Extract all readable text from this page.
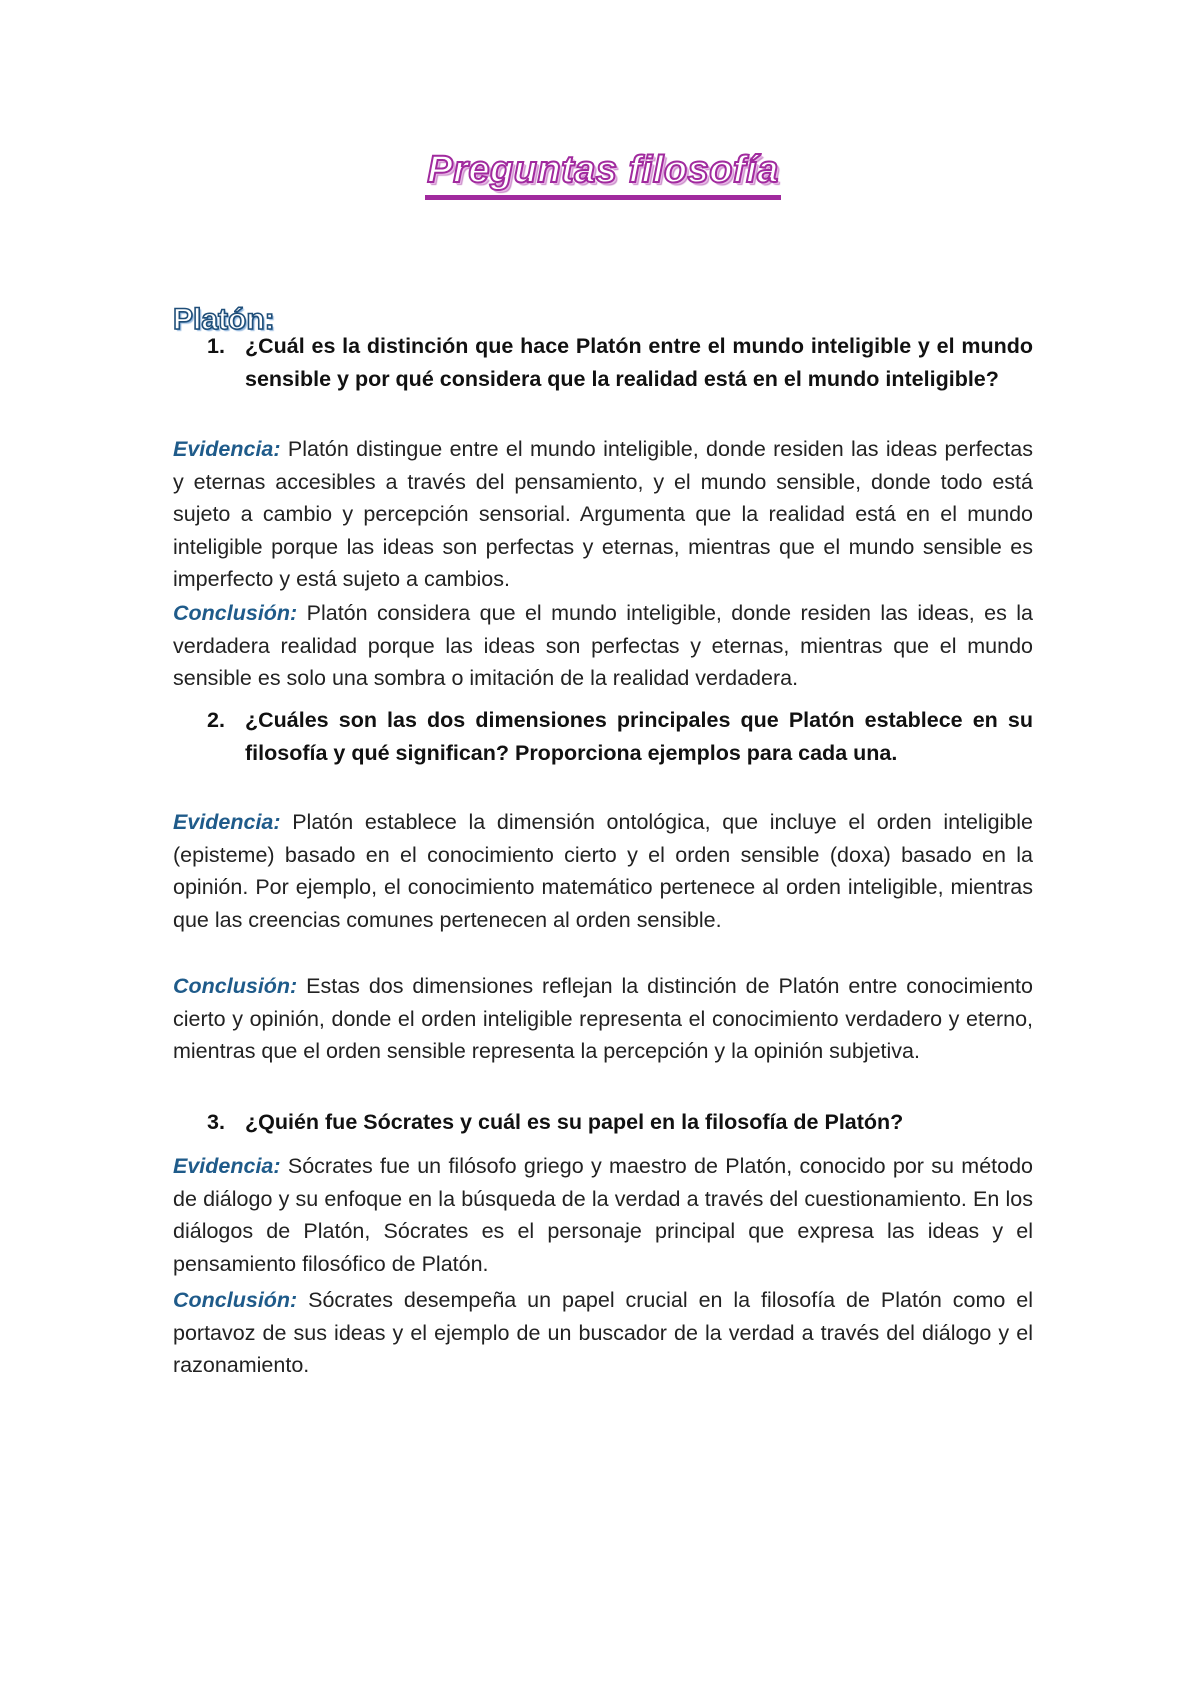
Preguntas filosofía
Platón:
1. ¿Cuál es la distinción que hace Platón entre el mundo inteligible y el mundo sensible y por qué considera que la realidad está en el mundo inteligible?
Evidencia: Platón distingue entre el mundo inteligible, donde residen las ideas perfectas y eternas accesibles a través del pensamiento, y el mundo sensible, donde todo está sujeto a cambio y percepción sensorial. Argumenta que la realidad está en el mundo inteligible porque las ideas son perfectas y eternas, mientras que el mundo sensible es imperfecto y está sujeto a cambios.
Conclusión: Platón considera que el mundo inteligible, donde residen las ideas, es la verdadera realidad porque las ideas son perfectas y eternas, mientras que el mundo sensible es solo una sombra o imitación de la realidad verdadera.
2. ¿Cuáles son las dos dimensiones principales que Platón establece en su filosofía y qué significan? Proporciona ejemplos para cada una.
Evidencia: Platón establece la dimensión ontológica, que incluye el orden inteligible (episteme) basado en el conocimiento cierto y el orden sensible (doxa) basado en la opinión. Por ejemplo, el conocimiento matemático pertenece al orden inteligible, mientras que las creencias comunes pertenecen al orden sensible.
Conclusión: Estas dos dimensiones reflejan la distinción de Platón entre conocimiento cierto y opinión, donde el orden inteligible representa el conocimiento verdadero y eterno, mientras que el orden sensible representa la percepción y la opinión subjetiva.
3. ¿Quién fue Sócrates y cuál es su papel en la filosofía de Platón?
Evidencia: Sócrates fue un filósofo griego y maestro de Platón, conocido por su método de diálogo y su enfoque en la búsqueda de la verdad a través del cuestionamiento. En los diálogos de Platón, Sócrates es el personaje principal que expresa las ideas y el pensamiento filosófico de Platón.
Conclusión: Sócrates desempeña un papel crucial en la filosofía de Platón como el portavoz de sus ideas y el ejemplo de un buscador de la verdad a través del diálogo y el razonamiento.
